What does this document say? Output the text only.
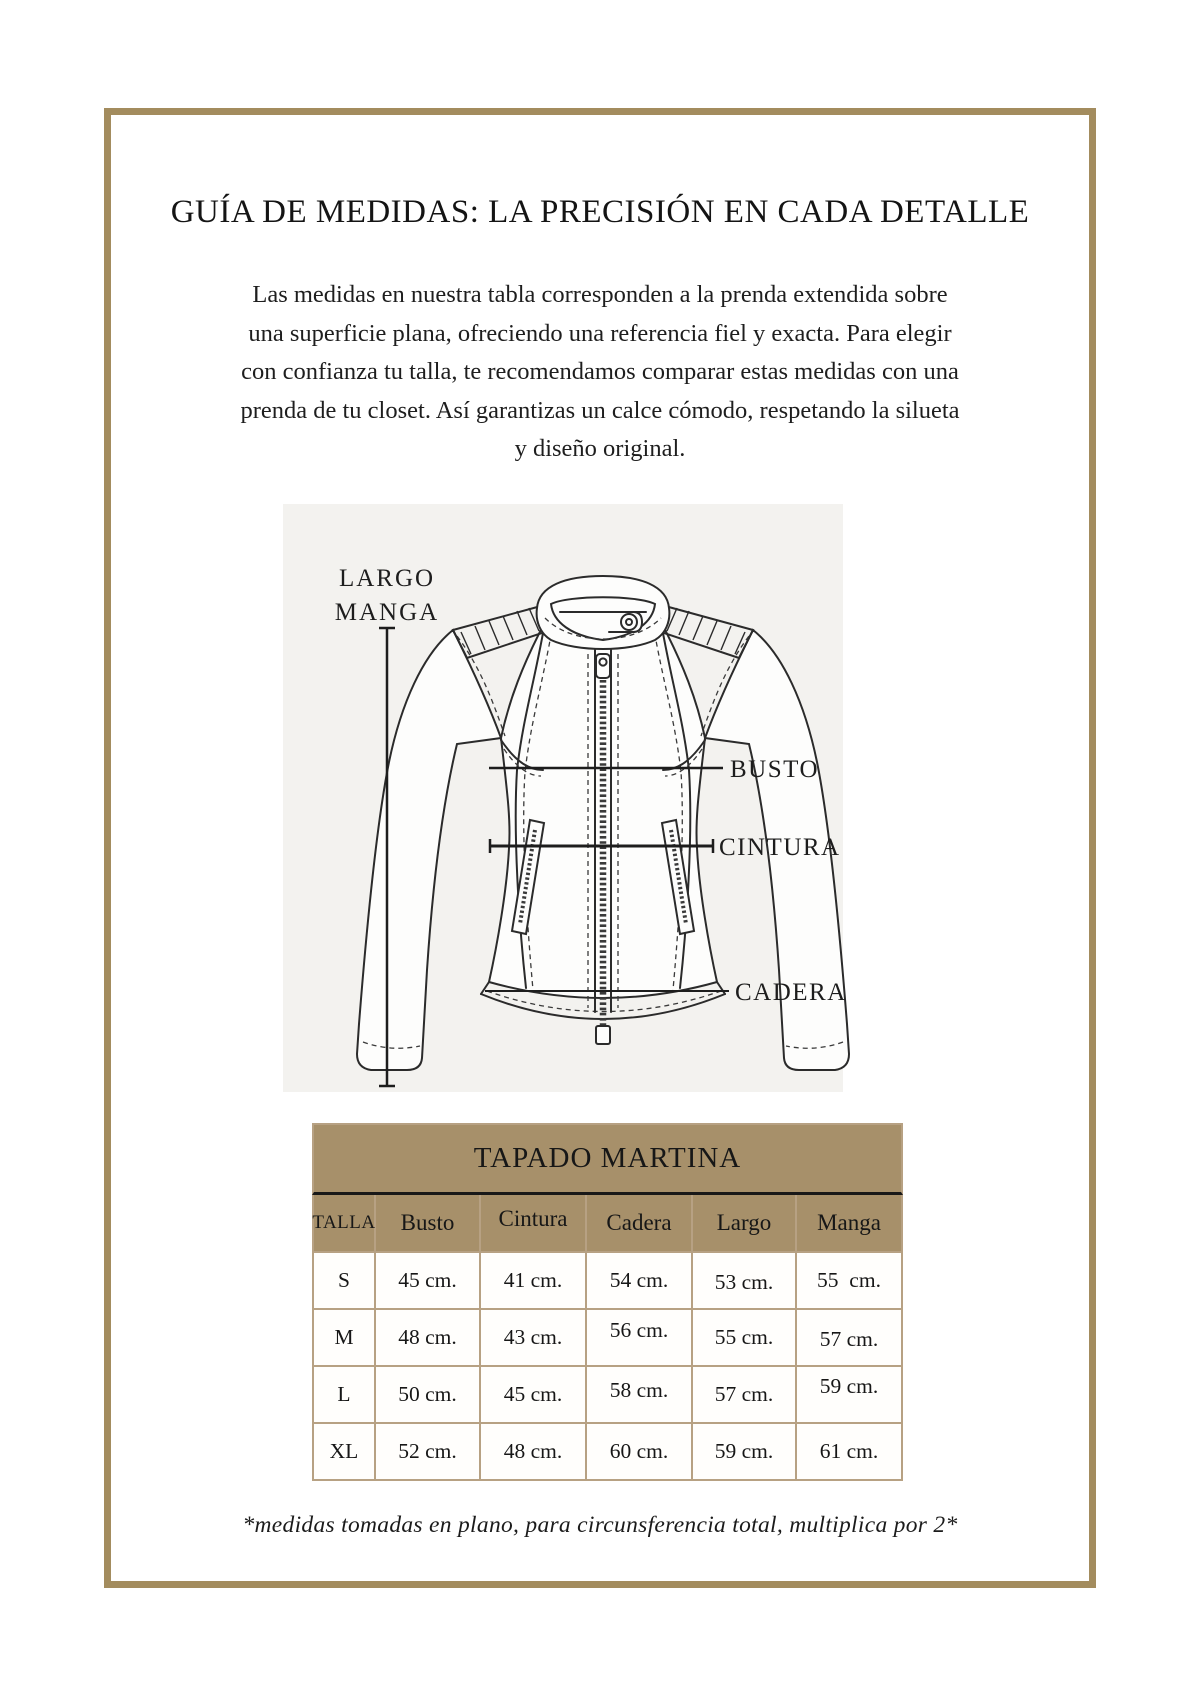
GUÍA DE MEDIDAS: LA PRECISIÓN EN CADA DETALLE
Las medidas en nuestra tabla corresponden a la prenda extendida sobre
una superficie plana, ofreciendo una referencia fiel y exacta. Para elegir
con confianza tu talla, te recomendamos comparar estas medidas con una
prenda de tu closet. Así garantizas un calce cómodo, respetando la silueta
y diseño original.
LARGO
MANGA
BUSTO
CINTURA
CADERA
TAPADO MARTINA
TALLA Busto Cintura Cadera Largo Manga
S 45 cm. 41 cm. 54 cm. 53 cm. 55  cm.
M 48 cm. 43 cm. 56 cm. 55 cm. 57 cm.
L 50 cm. 45 cm. 58 cm. 57 cm. 59 cm.
XL 52 cm. 48 cm. 60 cm. 59 cm. 61 cm.
*medidas tomadas en plano, para circunsferencia total, multiplica por 2*
